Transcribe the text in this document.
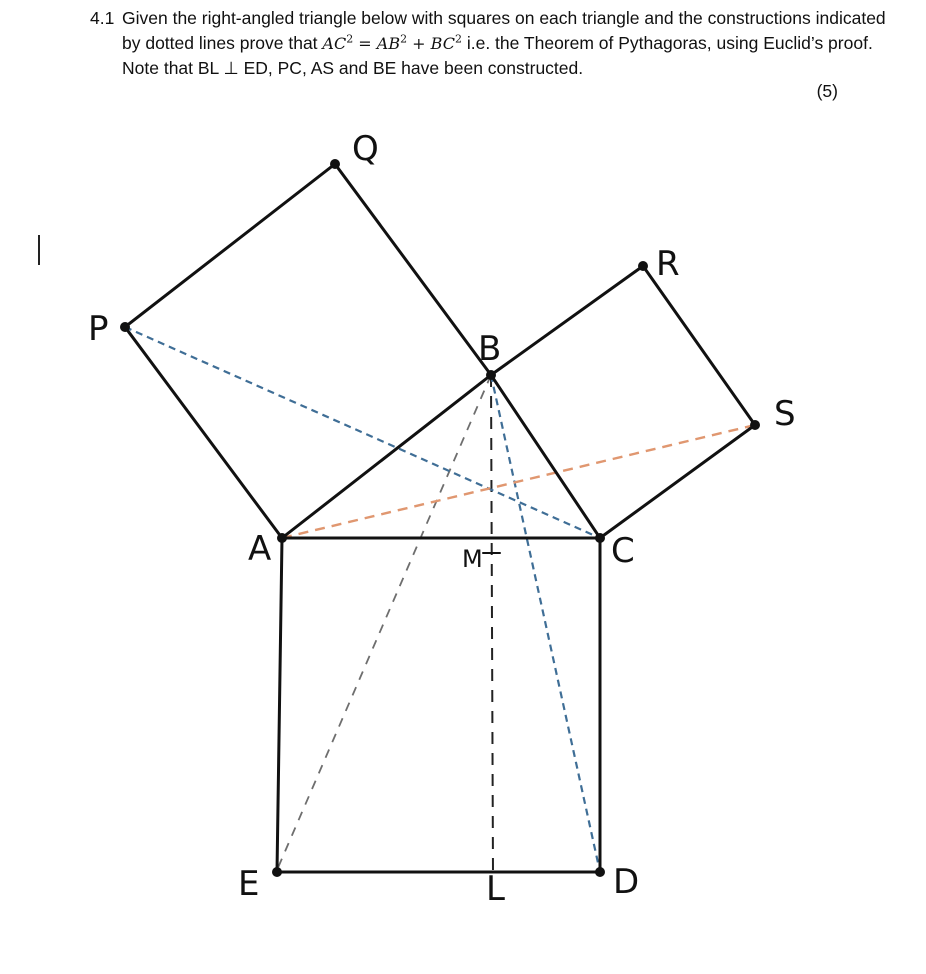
4.1 Given the right-angled triangle below with squares on each triangle and the constructions indicated by dotted lines prove that $AC^2 = AB^2 + BC^2$ i.e. the Theorem of Pythagoras, using Euclid’s proof. Note that BL ⊥ ED, PC, AS and BE have been constructed.
(5)
P
Q
R
S
B
A	C
M
E	D
L
